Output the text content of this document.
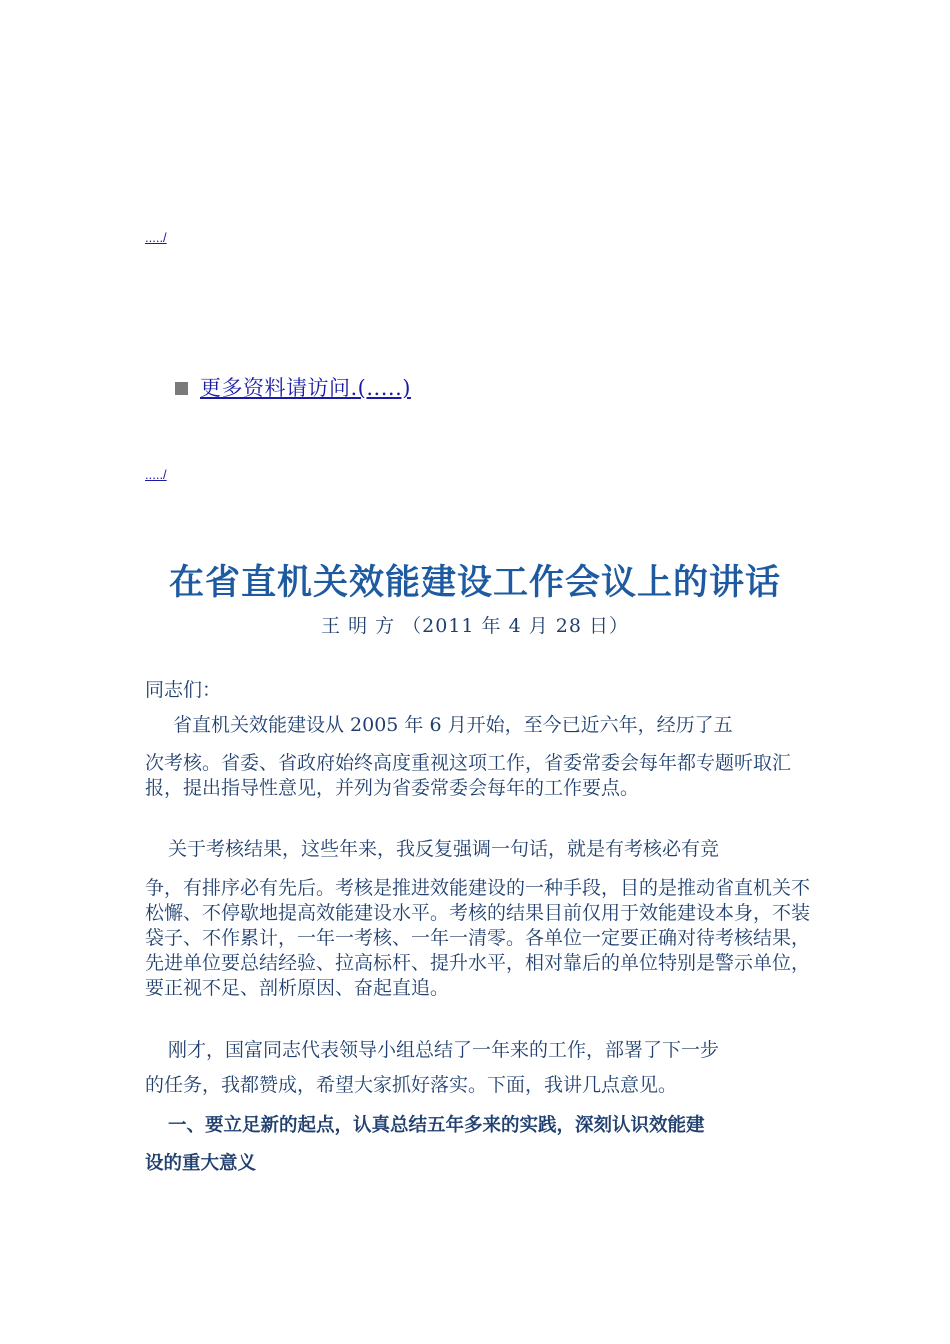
...../
更多资料请访问.(.....)
...../
在省直机关效能建设工作会议上的讲话
王 明 方 （2011 年 4 月 28 日）
同志们：
省直机关效能建设从 2005 年 6 月开始，至今已近六年，经历了五
次考核。省委、省政府始终高度重视这项工作，省委常委会每年都专题听取汇报，提出指导性意见，并列为省委常委会每年的工作要点。
关于考核结果，这些年来，我反复强调一句话，就是有考核必有竞
争，有排序必有先后。考核是推进效能建设的一种手段，目的是推动省直机关不松懈、不停歇地提高效能建设水平。考核的结果目前仅用于效能建设本身，不装袋子、不作累计，一年一考核、一年一清零。各单位一定要正确对待考核结果，先进单位要总结经验、拉高标杆、提升水平，相对靠后的单位特别是警示单位，要正视不足、剖析原因、奋起直追。
刚才，国富同志代表领导小组总结了一年来的工作，部署了下一步
的任务，我都赞成，希望大家抓好落实。下面，我讲几点意见。
一、要立足新的起点，认真总结五年多来的实践，深刻认识效能建
设的重大意义
